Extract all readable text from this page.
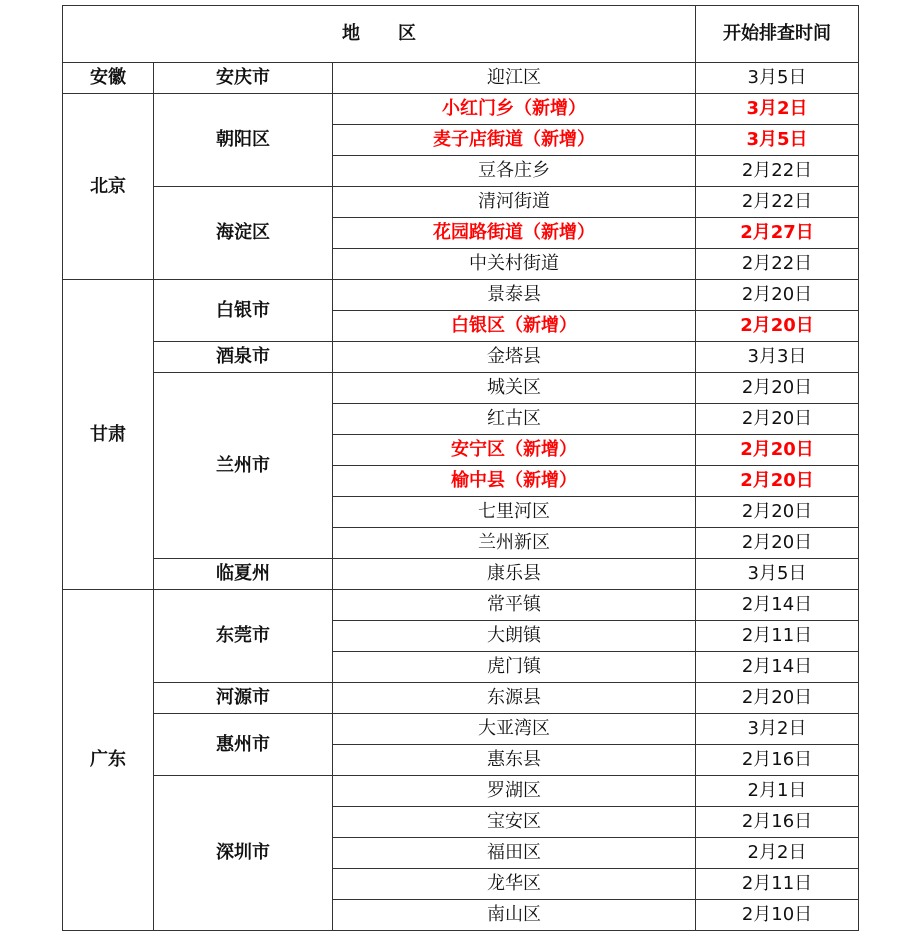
地 区			开始排查时间
安徽	安庆市	迎江区	3月5日
北京	朝阳区	小红门乡（新增）	3月2日
		麦子店街道（新增）	3月5日
		豆各庄乡	2月22日
	海淀区	清河街道	2月22日
		花园路街道（新增）	2月27日
		中关村街道	2月22日
甘肃	白银市	景泰县	2月20日
		白银区（新增）	2月20日
	酒泉市	金塔县	3月3日
	兰州市	城关区	2月20日
		红古区	2月20日
		安宁区（新增）	2月20日
		榆中县（新增）	2月20日
		七里河区	2月20日
		兰州新区	2月20日
	临夏州	康乐县	3月5日
广东	东莞市	常平镇	2月14日
		大朗镇	2月11日
		虎门镇	2月14日
	河源市	东源县	2月20日
	惠州市	大亚湾区	3月2日
		惠东县	2月16日
	深圳市	罗湖区	2月1日
		宝安区	2月16日
		福田区	2月2日
		龙华区	2月11日
		南山区	2月10日
